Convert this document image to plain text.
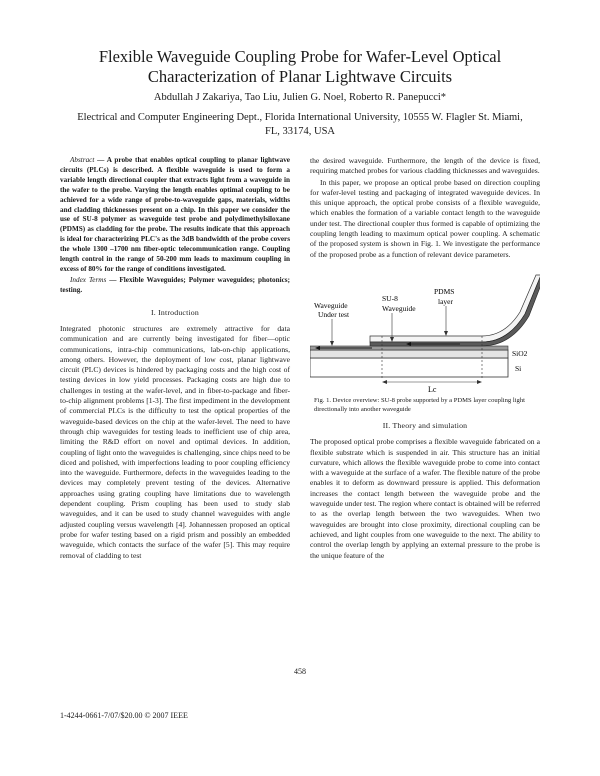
Flexible Waveguide Coupling Probe for Wafer-Level Optical
Characterization of Planar Lightwave Circuits
Abdullah J Zakariya, Tao Liu, Julien G. Noel, Roberto R. Panepucci*
Electrical and Computer Engineering Dept., Florida International University, 10555 W. Flagler St. Miami,
FL, 33174, USA

Abstract — A probe that enables optical coupling to planar lightwave circuits (PLCs) is described. A flexible waveguide is used to form a variable length directional coupler that extracts light from a waveguide in the wafer to the probe. Varying the length enables optimal coupling to be achieved for a wide range of probe-to-waveguide gaps, materials, widths and cladding thicknesses present on a chip. In this paper we consider the use of SU-8 polymer as waveguide test probe and polydimethylsiloxane (PDMS) as cladding for the probe. The results indicate that this approach is ideal for characterizing PLC's as the 3dB bandwidth of the probe covers the whole 1300 –1700 nm fiber-optic telecommunication range. Coupling length control in the range of 50-200 mm leads to maximum coupling in excess of 80% for the range of conditions investigated.

Index Terms — Flexible Waveguides; Polymer waveguides; photonics; testing.

I. Introduction

Integrated photonic structures are extremely attractive for data communication and are currently being investigated for fiber—optic communications, intra-chip communications, lab-on-chip applications, among others. However, the deployment of low cost, planar lightwave circuit (PLC) devices is hindered by packaging costs and the high cost of testing devices in low yield processes. Packaging costs are high due to challenges in testing at the wafer-level, and in fiber-to-package and fiber-to-chip alignment problems [1-3]. The first impediment in the development of commercial PLCs is the difficulty to test the optical properties of the waveguide-based devices on the chip at the wafer-level. The need to have through chip waveguides for testing leads to inefficient use of chip area, limiting the R&D effort on novel and optimal devices. In addition, coupling of light onto the waveguides is challenging, since chips need to be diced and polished, with imperfections leading to poor coupling efficiency into the waveguide. Furthermore, defects in the waveguides leading to the devices may completely prevent testing of the devices. Alternative approaches using grating coupling have limitations due to wavelength dependent coupling. Prism coupling has been used to study slab waveguides, and it can be used to study channel waveguides with angle adjusted coupling versus wavelength [4]. Johannessen proposed an optical probe for wafer testing based on a rigid prism and possibly an embedded waveguide, which contacts the surface of the wafer [5]. This may require removal of cladding to test

the desired waveguide. Furthermore, the length of the device is fixed, requiring matched probes for various cladding thicknesses and waveguides.

In this paper, we propose an optical probe based on direction coupling for wafer-level testing and packaging of integrated waveguide devices. In this unique approach, the optical probe consists of a flexible waveguide, which enables the formation of a variable contact length to the waveguide under test. The directional coupler thus formed is capable of optimizing the coupling length leading to maximum optical power coupling. A schematic of the proposed system is shown in Fig. 1. We investigate the performance of the proposed probe as a function of relevant device parameters.

Lc
Waveguide
Under test
SU-8
Waveguide
PDMS
layer
SiO2
Si
Fig. 1. Device overview: SU-8 probe supported by a PDMS layer coupling light directionally into another waveguide

II. Theory and simulation

The proposed optical probe comprises a flexible waveguide fabricated on a flexible substrate which is suspended in air. This structure has an initial curvature, which allows the flexible waveguide probe to come into contact with a waveguide at the surface of a wafer. The flexible nature of the probe enables it to deform as downward pressure is applied. This deformation increases the contact length between the waveguide probe and the waveguide under test. The region where contact is obtained will be referred to as the overlap length between the two waveguides. When two waveguides are brought into close proximity, directional coupling can be achieved, and light couples from one waveguide to the next. The ability to control the overlap length by applying an external pressure to the probe is the unique feature of the

458
1-4244-0661-7/07/$20.00 © 2007 IEEE
